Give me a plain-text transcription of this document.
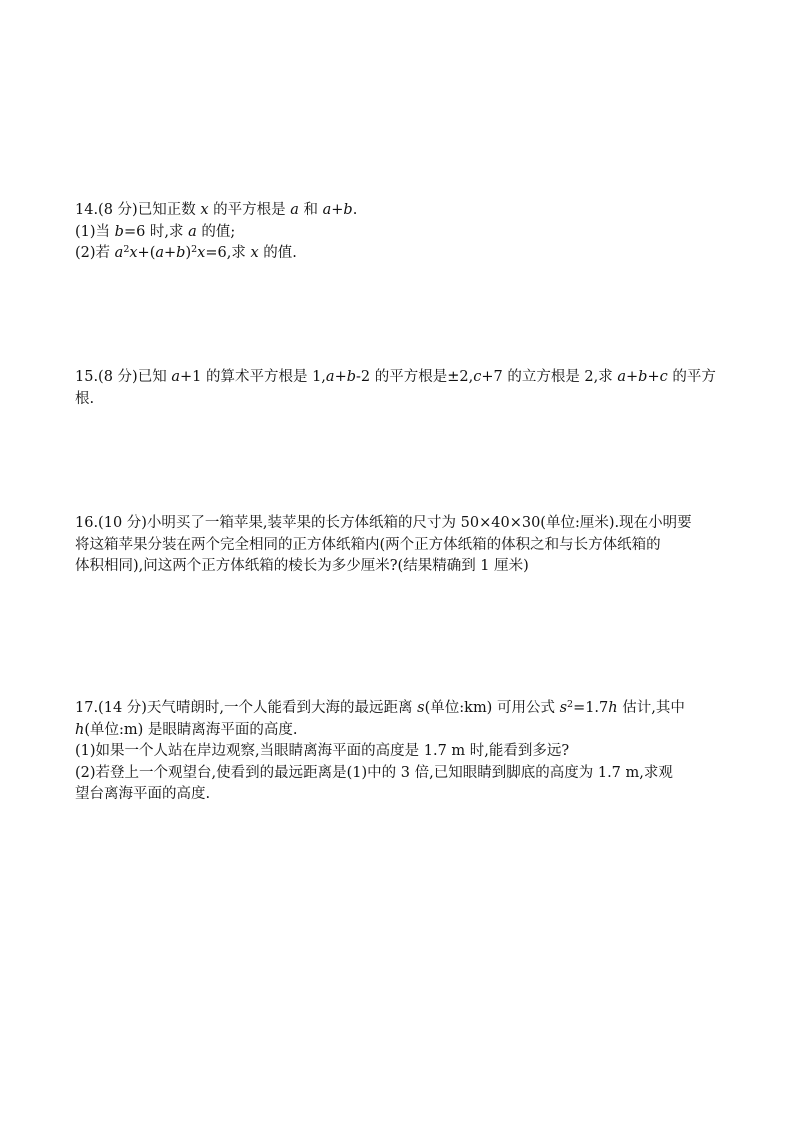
14.(8 分)已知正数 x 的平方根是 a 和 a+b.
(1)当 b=6 时,求 a 的值;
(2)若 $a^2x+(a+b)^2x=6$,求 x 的值.
15.(8 分)已知 a+1 的算术平方根是 1,a+b-2 的平方根是±2,c+7 的立方根是 2,求 a+b+c 的平方
根.
16.(10 分)小明买了一箱苹果,装苹果的长方体纸箱的尺寸为 50×40×30(单位:厘米).现在小明要
将这箱苹果分装在两个完全相同的正方体纸箱内(两个正方体纸箱的体积之和与长方体纸箱的
体积相同),问这两个正方体纸箱的棱长为多少厘米?(结果精确到 1 厘米)
17.(14 分)天气晴朗时,一个人能看到大海的最远距离 s(单位:km) 可用公式 $s^2=1.7h$ 估计,其中
h(单位:m) 是眼睛离海平面的高度.
(1)如果一个人站在岸边观察,当眼睛离海平面的高度是 1.7 m 时,能看到多远?
(2)若登上一个观望台,使看到的最远距离是(1)中的 3 倍,已知眼睛到脚底的高度为 1.7 m,求观
望台离海平面的高度.
